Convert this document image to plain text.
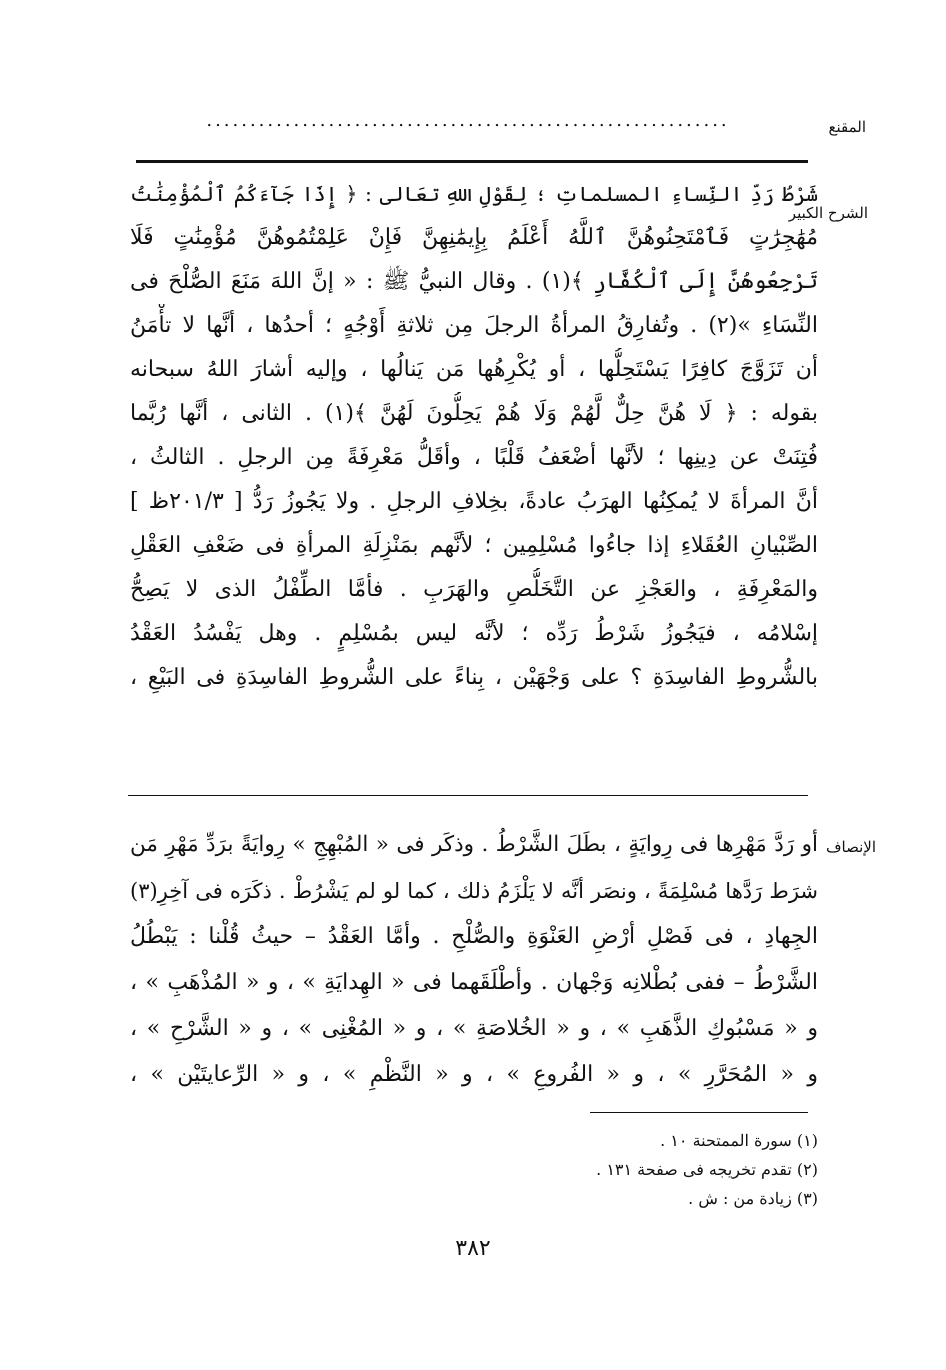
المقنع
............................................................
الشرح الكبير

شَرْطُ رَدِّ النِّساءِ المسلماتِ ؛ لِقَوْلِ اللهِ تعَالى : ﴿ إِذَا جَآءَكُمُ ٱلْمُؤْمِنَٰتُ
مُهَٰجِرَٰتٍ فَٱمْتَحِنُوهُنَّ ٱللَّهُ أَعْلَمُ بِإِيمَٰنِهِنَّ فَإِنْ عَلِمْتُمُوهُنَّ مُؤْمِنَٰتٍ فَلَا
تَرْجِعُوهُنَّ إِلَى ٱلْكُفَّارِ ﴾(١) . وقال النبيُّ ﷺ : « إنَّ اللهَ مَنَعَ الصُّلْحَ فى
النِّسَاءِ »(٢) . وتُفارِقُ المرأةُ الرجلَ مِن ثلاثةِ أَوْجُهٍ ؛ أحدُها ، أنَّها لا تأْمَنُ
أن تَزَوَّجَ كافِرًا يَسْتَحِلُّها ، أو يُكْرِهُها مَن يَنالُها ، وإليه أشارَ اللهُ سبحانه
بقوله : ﴿ لَا هُنَّ حِلٌّ لَّهُمْ وَلَا هُمْ يَحِلُّونَ لَهُنَّ ﴾(١) . الثانى ، أنَّها رُبَّما
فُتِنَتْ عن دِينِها ؛ لأنَّها أضْعَفُ قَلْبًا ، وأقَلُّ مَعْرِفَةً مِن الرجلِ . الثالثُ ،
أنَّ المرأةَ لا يُمكِنُها الهرَبُ عادةً، بخِلافِ الرجلِ . ولا يَجُوزُ رَدُّ [ ٢٠١/٣ظ ]
الصِّبْيانِ العُقَلاءِ إذا جاءُوا مُسْلِمِين ؛ لأنَّهم بمَنْزِلَةِ المرأةِ فى ضَعْفِ العَقْلِ
والمَعْرِفَةِ ، والعَجْزِ عن التَّخَلُّصِ والهَرَبِ . فأمَّا الطِّفْلُ الذى لا يَصِحُّ
إسْلامُه ، فيَجُوزُ شَرْطُ رَدِّه ؛ لأنَّه ليس بمُسْلِمٍ . وهل يَفْسُدُ العَقْدُ
بالشُّروطِ الفاسِدَةِ ؟ على وَجْهَيْن ، بِناءً على الشُّروطِ الفاسِدَةِ فى البَيْعِ ،

الإنصاف

أو رَدَّ مَهْرِها فى رِوايَةٍ ، بطَلَ الشَّرْطُ . وذكَر فى « المُبْهِجِ » رِوايَةً برَدِّ مَهْرِ مَن
شرَط رَدَّها مُسْلِمَةً ، ونصَر أنَّه لا يَلْزَمُ ذلك ، كما لو لم يَشْرُطْ . ذكَرَه فى آخِرِ(٣)
الجِهادِ ، فى فَصْلِ أرْضِ العَنْوَةِ والصُّلْحِ . وأمَّا العَقْدُ – حيثُ قُلْنا : يَبْطُلُ
الشَّرْطُ – ففى بُطْلانِه وَجْهان . وأطْلَقَهما فى « الهِدايَةِ » ، و « المُذْهَبِ » ،
و « مَسْبُوكِ الذَّهَبِ » ، و « الخُلاصَةِ » ، و « المُغْنِى » ، و « الشَّرْحِ » ،
و « المُحَرَّرِ » ، و « الفُروعِ » ، و « النَّظْمِ » ، و « الرِّعايتَيْن » ،

(١) سورة الممتحنة ١٠ .
(٢) تقدم تخريجه فى صفحة ١٣١ .
(٣) زيادة من : ش .
٣٨٢
